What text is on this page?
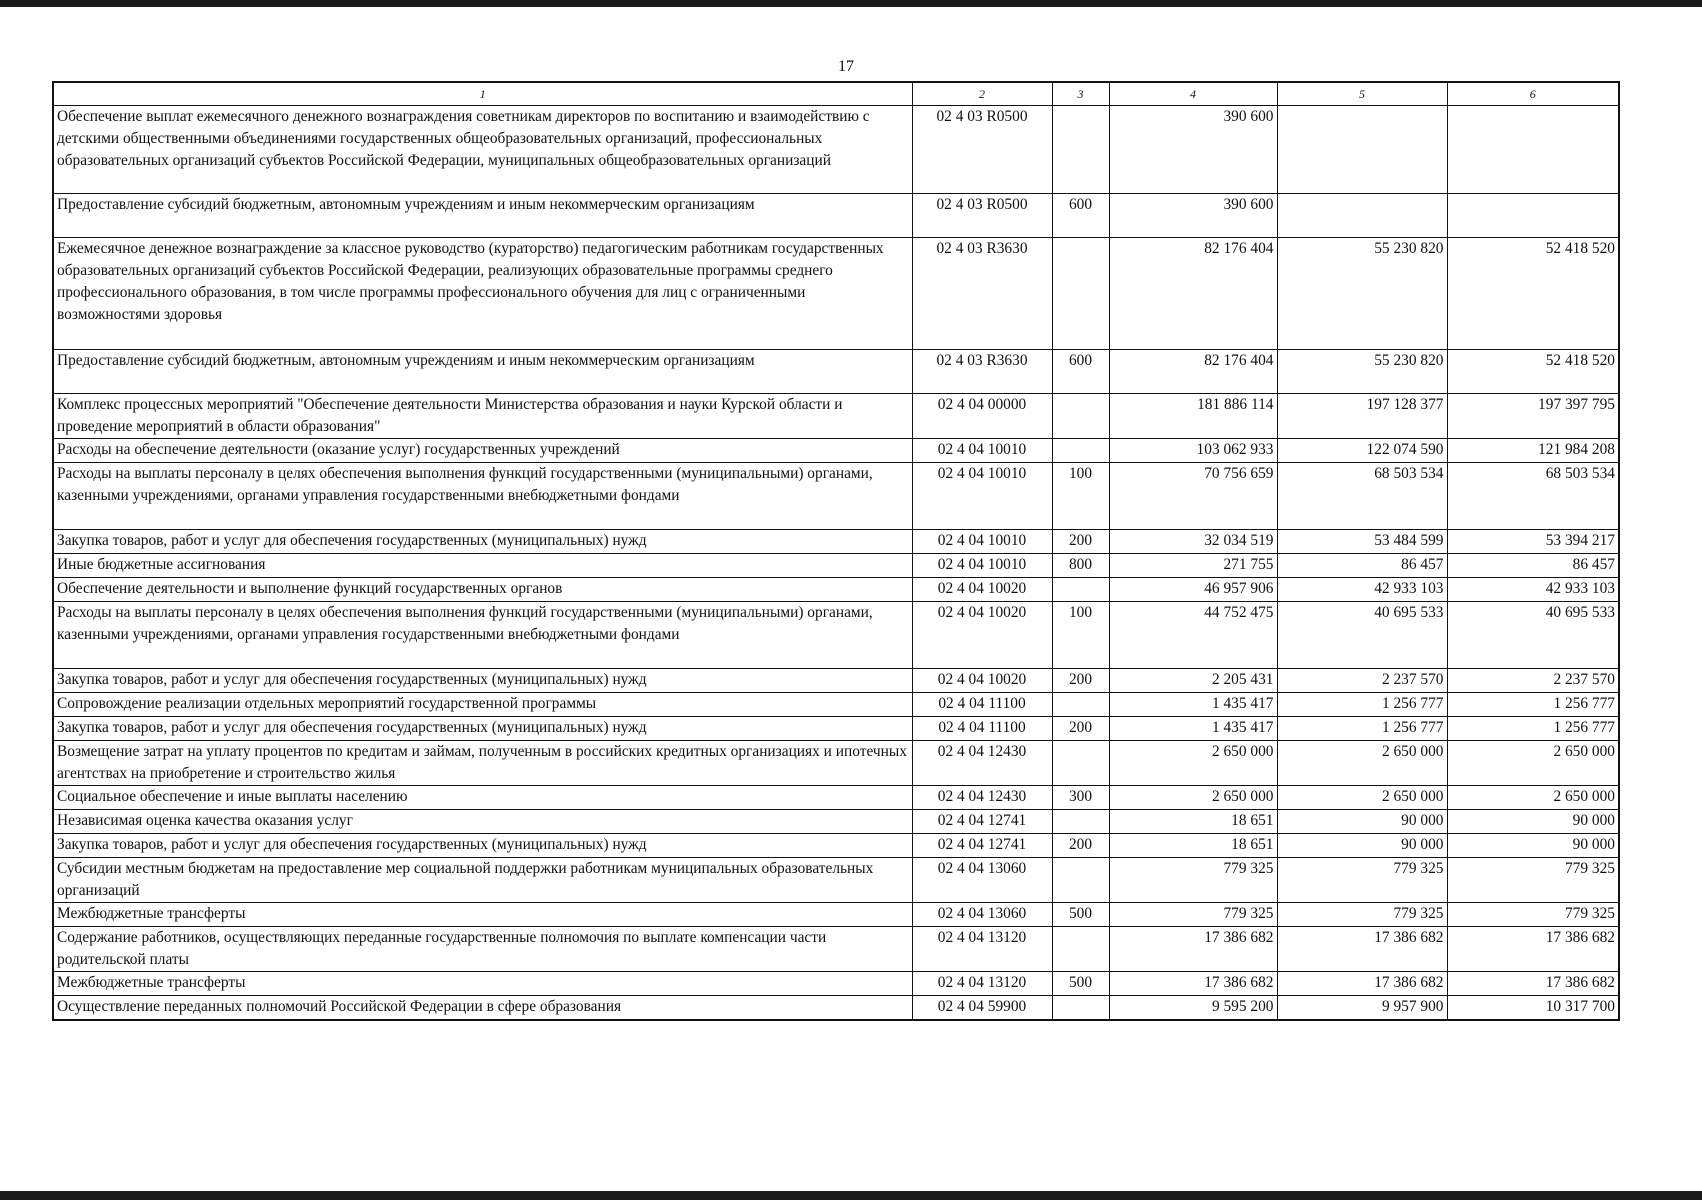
17
1	2	3	4	5	6
Обеспечение выплат ежемесячного денежного вознаграждения советникам директоров по воспитанию и взаимодействию с детскими общественными объединениями государственных общеобразовательных организаций, профессиональных образовательных организаций субъектов Российской Федерации, муниципальных общеобразовательных организаций	02 4 03 R0500		390 600		
Предоставление субсидий бюджетным, автономным учреждениям и иным некоммерческим организациям	02 4 03 R0500	600	390 600		
Ежемесячное денежное вознаграждение за классное руководство (кураторство) педагогическим работникам государственных образовательных организаций субъектов Российской Федерации, реализующих образовательные программы среднего профессионального образования, в том числе программы профессионального обучения для лиц с ограниченными возможностями здоровья	02 4 03 R3630		82 176 404	55 230 820	52 418 520
Предоставление субсидий бюджетным, автономным учреждениям и иным некоммерческим организациям	02 4 03 R3630	600	82 176 404	55 230 820	52 418 520
Комплекс процессных мероприятий "Обеспечение деятельности Министерства образования и науки Курской области и проведение мероприятий в области образования"	02 4 04 00000		181 886 114	197 128 377	197 397 795
Расходы на обеспечение деятельности (оказание услуг) государственных учреждений	02 4 04 10010		103 062 933	122 074 590	121 984 208
Расходы на выплаты персоналу в целях обеспечения выполнения функций государственными (муниципальными) органами, казенными учреждениями, органами управления государственными внебюджетными фондами	02 4 04 10010	100	70 756 659	68 503 534	68 503 534
Закупка товаров, работ и услуг для обеспечения государственных (муниципальных) нужд	02 4 04 10010	200	32 034 519	53 484 599	53 394 217
Иные бюджетные ассигнования	02 4 04 10010	800	271 755	86 457	86 457
Обеспечение деятельности и выполнение функций государственных органов	02 4 04 10020		46 957 906	42 933 103	42 933 103
Расходы на выплаты персоналу в целях обеспечения выполнения функций государственными (муниципальными) органами, казенными учреждениями, органами управления государственными внебюджетными фондами	02 4 04 10020	100	44 752 475	40 695 533	40 695 533
Закупка товаров, работ и услуг для обеспечения государственных (муниципальных) нужд	02 4 04 10020	200	2 205 431	2 237 570	2 237 570
Сопровождение реализации отдельных мероприятий государственной программы	02 4 04 11100		1 435 417	1 256 777	1 256 777
Закупка товаров, работ и услуг для обеспечения государственных (муниципальных) нужд	02 4 04 11100	200	1 435 417	1 256 777	1 256 777
Возмещение затрат на уплату процентов по кредитам и займам, полученным в российских кредитных организациях и ипотечных агентствах на приобретение и строительство жилья	02 4 04 12430		2 650 000	2 650 000	2 650 000
Социальное обеспечение и иные выплаты населению	02 4 04 12430	300	2 650 000	2 650 000	2 650 000
Независимая оценка качества оказания услуг	02 4 04 12741		18 651	90 000	90 000
Закупка товаров, работ и услуг для обеспечения государственных (муниципальных) нужд	02 4 04 12741	200	18 651	90 000	90 000
Субсидии местным бюджетам на предоставление мер социальной поддержки работникам муниципальных образовательных организаций	02 4 04 13060		779 325	779 325	779 325
Межбюджетные трансферты	02 4 04 13060	500	779 325	779 325	779 325
Содержание работников, осуществляющих переданные государственные полномочия по выплате компенсации части родительской платы	02 4 04 13120		17 386 682	17 386 682	17 386 682
Межбюджетные трансферты	02 4 04 13120	500	17 386 682	17 386 682	17 386 682
Осуществление переданных полномочий Российской Федерации в сфере образования	02 4 04 59900		9 595 200	9 957 900	10 317 700
